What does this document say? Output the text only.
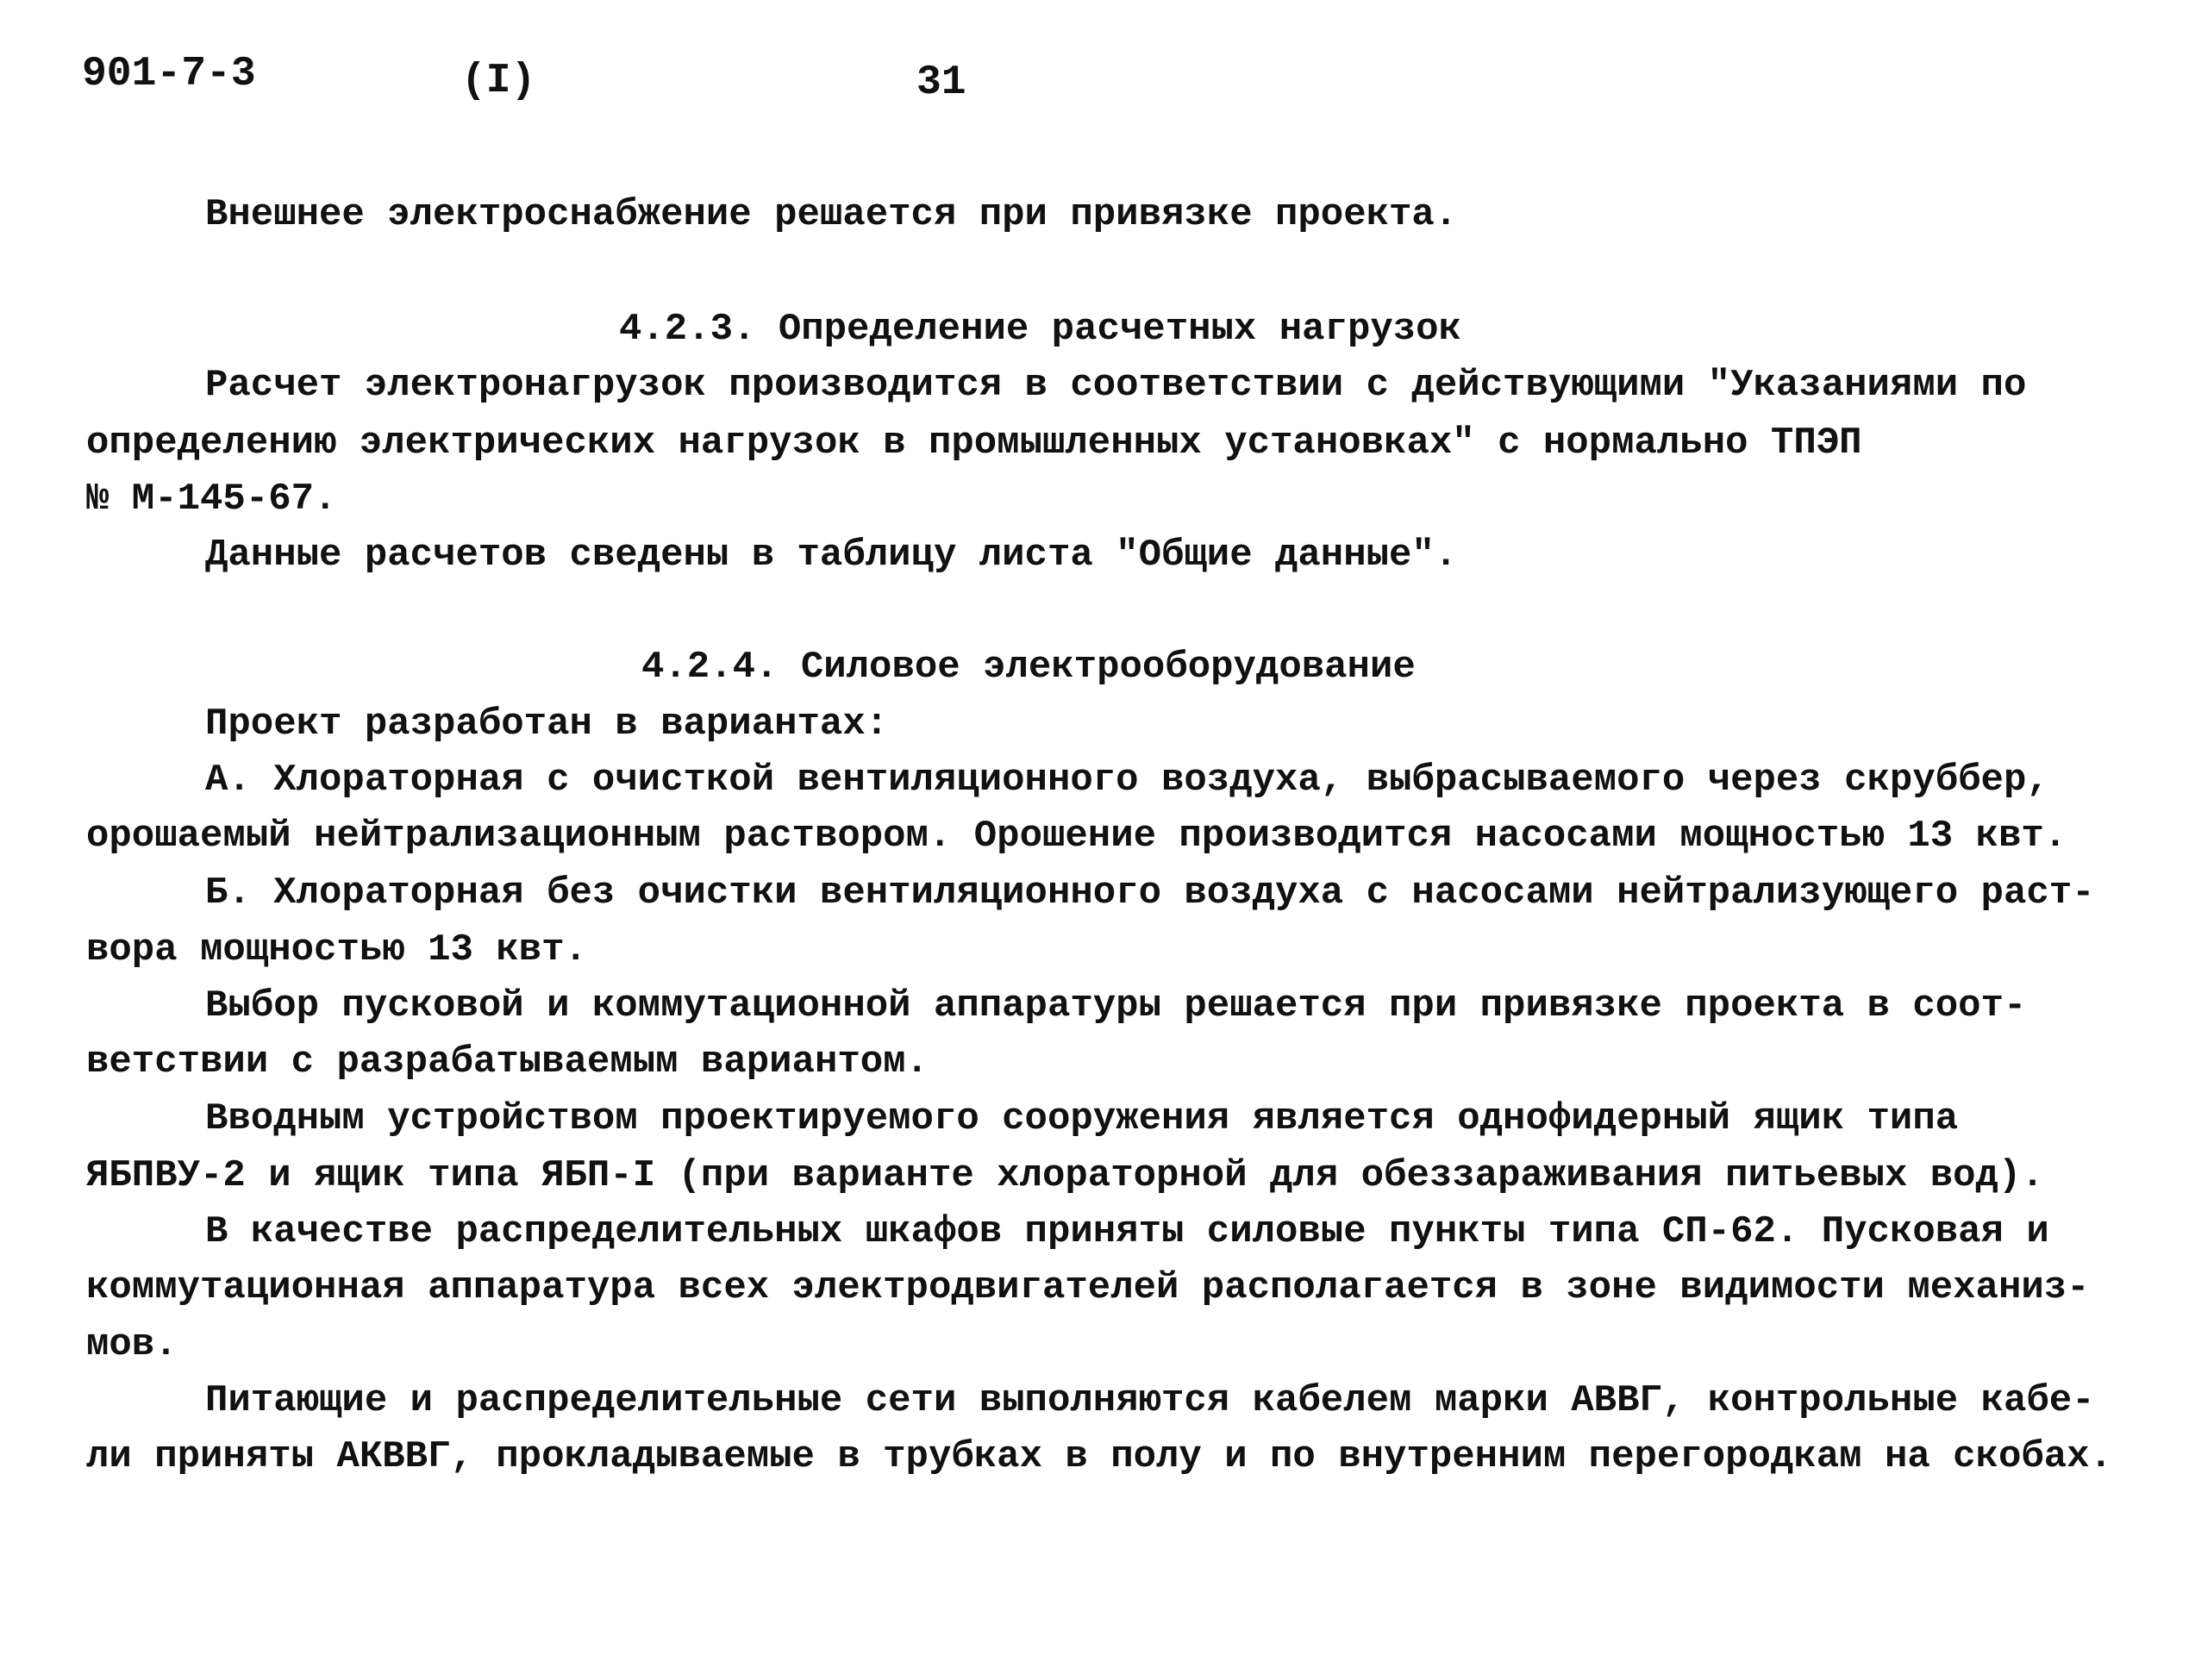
901-7-3	(I)	31
Внешнее электроснабжение решается при привязке проекта.
4.2.3. Определение расчетных нагрузок
Расчет электронагрузок производится в соответствии с действующими "Указаниями по
определению электрических нагрузок в промышленных установках" с нормально ТПЭП
№ М-145-67.
Данные расчетов сведены в таблицу листа "Общие данные".
4.2.4. Силовое электрооборудование
Проект разработан в вариантах:
А. Хлораторная с очисткой вентиляционного воздуха, выбрасываемого через скруббер,
орошаемый нейтрализационным раствором. Орошение производится насосами мощностью 13 квт.
Б. Хлораторная без очистки вентиляционного воздуха с насосами нейтрализующего раст-
вора мощностью 13 квт.
Выбор пусковой и коммутационной аппаратуры решается при привязке проекта в соот-
ветствии с разрабатываемым вариантом.
Вводным устройством проектируемого сооружения является однофидерный ящик типа
ЯБПВУ-2 и ящик типа ЯБП-I (при варианте хлораторной для обеззараживания питьевых вод).
В качестве распределительных шкафов приняты силовые пункты типа СП-62. Пусковая и
коммутационная аппаратура всех электродвигателей располагается в зоне видимости механиз-
мов.
Питающие и распределительные сети выполняются кабелем марки АВВГ, контрольные кабе-
ли приняты АКВВГ, прокладываемые в трубках в полу и по внутренним перегородкам на скобах.
